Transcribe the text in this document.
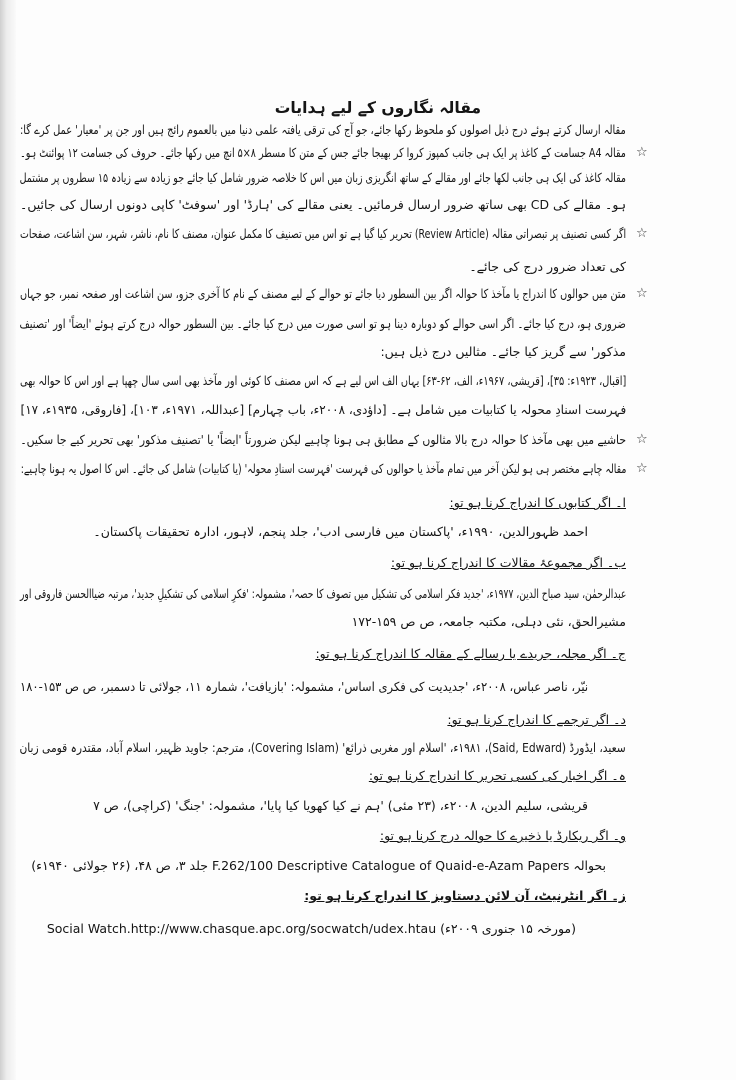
مقالہ نگاروں کے لیے ہدایات
مقالہ ارسال کرتے ہوئے درج ذیل اصولوں کو ملحوظ رکھا جائے، جو آج کی ترقی یافتہ علمی دنیا میں بالعموم رائج ہیں اور جن پر 'معیار' عمل کرے گا:
☆
مقالہ A4 جسامت کے کاغذ پر ایک ہی جانب کمپوز کروا کر بھیجا جائے جس کے متن کا مسطر ۸×۵ انچ میں رکھا جائے۔ حروف کی جسامت ۱۲ پوائنٹ ہو۔
مقالہ کاغذ کی ایک ہی جانب لکھا جائے اور مقالے کے ساتھ انگریزی زبان میں اس کا خلاصہ ضرور شامل کیا جائے جو زیادہ سے زیادہ ۱۵ سطروں پر مشتمل
ہو۔ مقالے کی CD بھی ساتھ ضرور ارسال فرمائیں۔ یعنی مقالے کی 'ہارڈ' اور 'سوفٹ' کاپی دونوں ارسال کی جائیں۔
☆
اگر کسی تصنیف پر تبصراتی مقالہ (Review Article) تحریر کیا گیا ہے تو اس میں تصنیف کا مکمل عنوان، مصنف کا نام، ناشر، شہر، سن اشاعت، صفحات
کی تعداد ضرور درج کی جائے۔
☆
متن میں حوالوں کا اندراج یا مآخذ کا حوالہ اگر بین السطور دیا جائے تو حوالے کے لیے مصنف کے نام کا آخری جزو، سن اشاعت اور صفحہ نمبر، جو جہاں
ضروری ہو، درج کیا جائے۔ اگر اسی حوالے کو دوبارہ دینا ہو تو اسی صورت میں درج کیا جائے۔ بین السطور حوالہ درج کرتے ہوئے 'ایضاً' اور 'تصنیف
مذکور' سے گریز کیا جائے۔ مثالیں درج ذیل ہیں:
[اقبال، ۱۹۲۳ء: ۳۵]، [قریشی، ۱۹۶۷ء، الف، ۶۲-۶۳] یہاں الف اس لیے ہے کہ اس مصنف کا کوئی اور مآخذ بھی اسی سال چھپا ہے اور اس کا حوالہ بھی
فہرست اسنادِ محولہ یا کتابیات میں شامل ہے۔ [داؤدی، ۲۰۰۸ء، باب چہارم] [عبداللہ، ۱۹۷۱ء، ۱۰۳]، [فاروقی، ۱۹۳۵ء، ۱۷]
☆
حاشیے میں بھی مآخذ کا حوالہ درج بالا مثالوں کے مطابق ہی ہونا چاہیے لیکن ضرورتاً 'ایضاً' یا 'تصنیف مذکور' بھی تحریر کیے جا سکیں۔
☆
مقالہ چاہے مختصر ہی ہو لیکن آخر میں تمام مآخذ یا حوالوں کی فہرست 'فہرست اسنادِ محولہ' (یا کتابیات) شامل کی جائے۔ اس کا اصول یہ ہونا چاہیے:
ا۔ اگر کتابوں کا اندراج کرنا ہو تو:
احمد ظہورالدین، ۱۹۹۰ء، 'پاکستان میں فارسی ادب'، جلد پنجم، لاہور، ادارہ تحقیقات پاکستان۔
ب۔ اگر مجموعۂ مقالات کا اندراج کرنا ہو تو:
عبدالرحمٰن، سید صباح الدین، ۱۹۷۷ء، 'جدید فکر اسلامی کی تشکیل میں تصوف کا حصہ'، مشمولہ: 'فکرِ اسلامی کی تشکیلِ جدید'، مرتبہ ضیاالحسن فاروقی اور
مشیرالحق، نئی دہلی، مکتبہ جامعہ، ص ص ۱۵۹-۱۷۲
ج۔ اگر مجلہ، جریدے یا رسالے کے مقالہ کا اندراج کرنا ہو تو:
نیّر، ناصر عباس، ۲۰۰۸ء، 'جدیدیت کی فکری اساس'، مشمولہ: 'بازیافت'، شمارہ ۱۱، جولائی تا دسمبر، ص ص ۱۵۳-۱۸۰
د۔ اگر ترجمے کا اندراج کرنا ہو تو:
سعید، ایڈورڈ (Said, Edward)، ۱۹۸۱ء، 'اسلام اور مغربی ذرائع' (Covering Islam)، مترجم: جاوید ظہیر، اسلام آباد، مقتدرہ قومی زبان
ہ۔ اگر اخبار کی کسی تحریر کا اندراج کرنا ہو تو:
قریشی، سلیم الدین، ۲۰۰۸ء، (۲۳ مئی) 'ہم نے کیا کھویا کیا پایا'، مشمولہ: 'جنگ' (کراچی)، ص ۷
و۔ اگر ریکارڈ یا ذخیرے کا حوالہ درج کرنا ہو تو:
بحوالہ F.262/100 Descriptive Catalogue of Quaid-e-Azam Papers جلد ۳، ص ۴۸، (۲۶ جولائی ۱۹۴۰ء)
ز۔ اگر انٹرنیٹ، آن لائن دستاویز کا اندراج کرنا ہو تو:
Social Watch.http://www.chasque.apc.org/socwatch/udex.htau (مورخہ ۱۵ جنوری ۲۰۰۹ء)
